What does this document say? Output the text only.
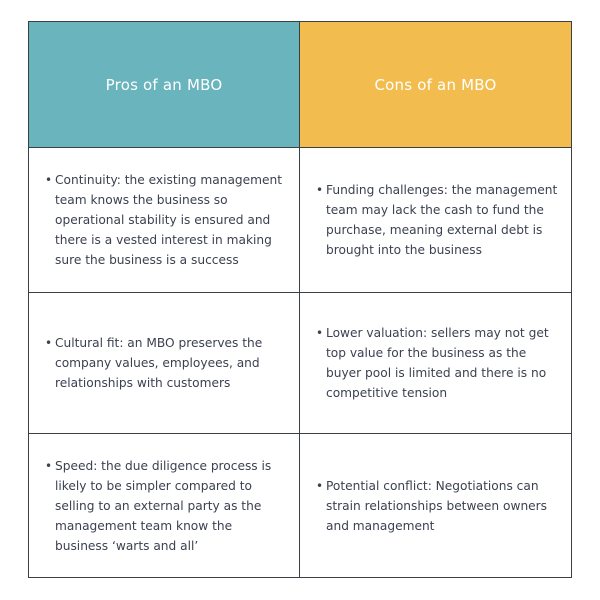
Pros of an MBO	Cons of an MBO
• Continuity: the existing management team knows the business so operational stability is ensured and there is a vested interest in making sure the business is a success
• Funding challenges: the management team may lack the cash to fund the purchase, meaning external debt is brought into the business
• Cultural fit: an MBO preserves the company values, employees, and relationships with customers
• Lower valuation: sellers may not get top value for the business as the buyer pool is limited and there is no competitive tension
• Speed: the due diligence process is likely to be simpler compared to selling to an external party as the management team know the business ‘warts and all’
• Potential conflict: Negotiations can strain relationships between owners and management
